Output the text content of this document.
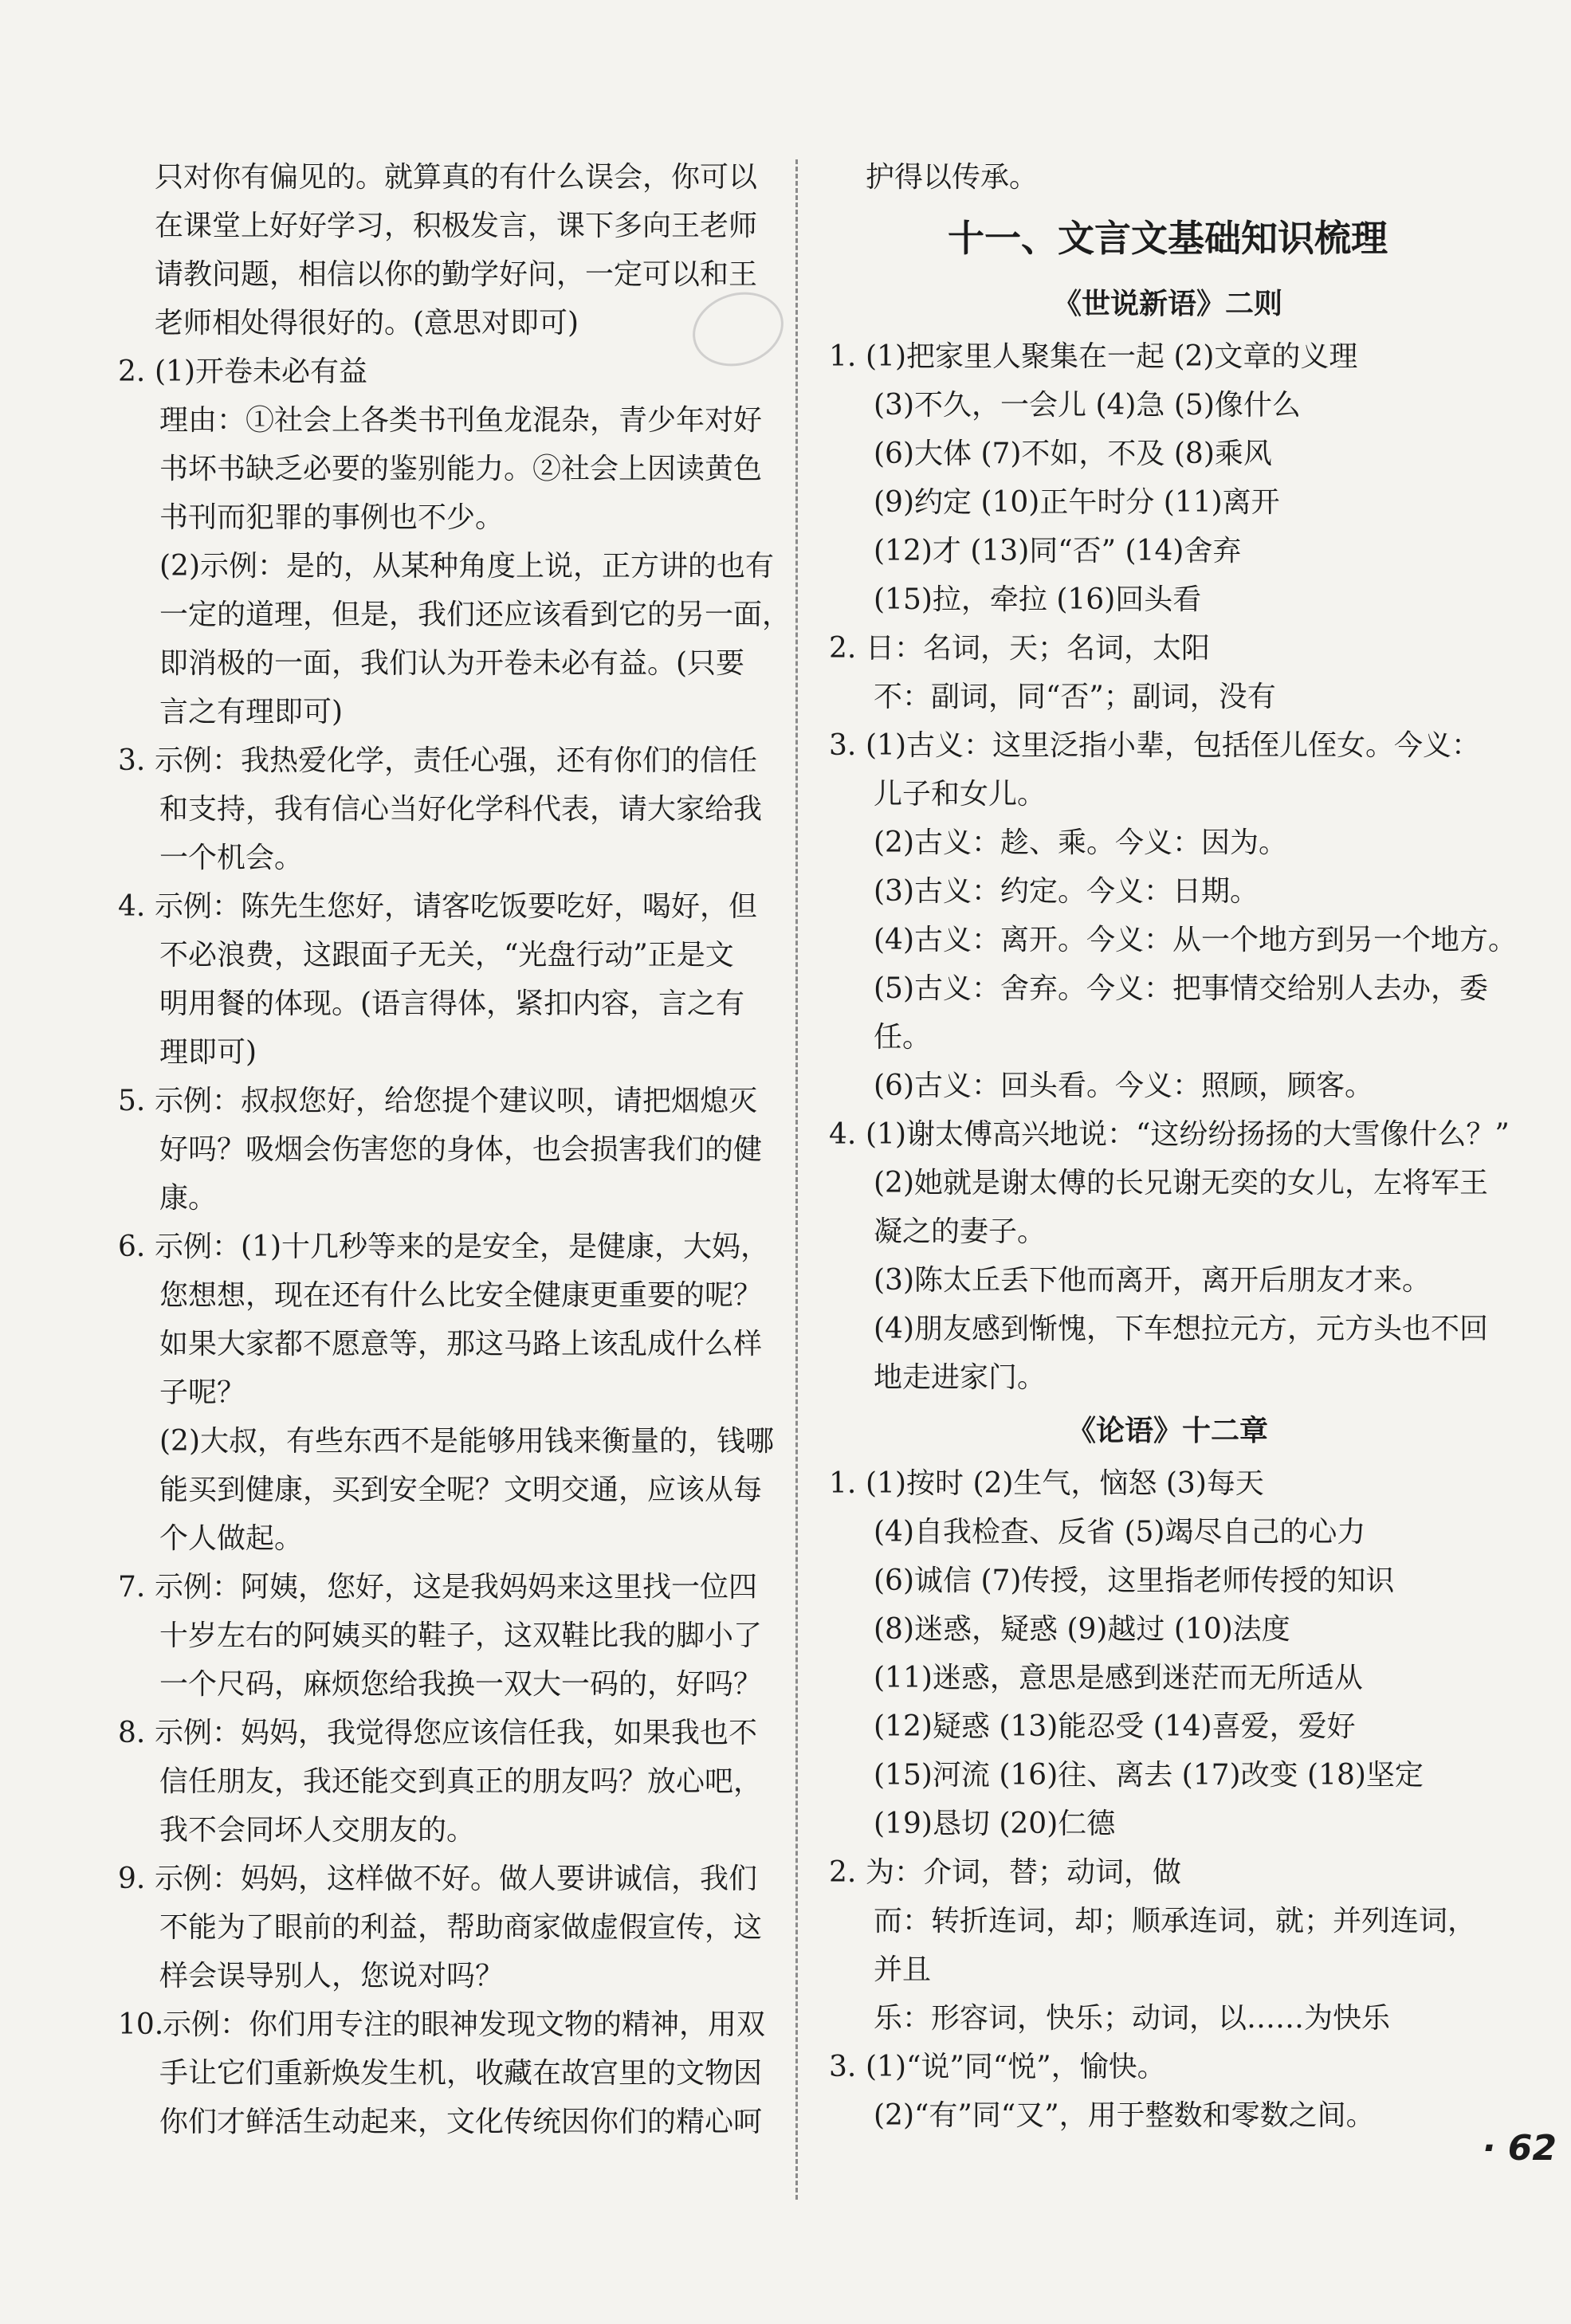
只对你有偏见的。就算真的有什么误会，你可以
在课堂上好好学习，积极发言，课下多向王老师
请教问题，相信以你的勤学好问，一定可以和王
老师相处得很好的。(意思对即可)
2. (1)开卷未必有益
理由：①社会上各类书刊鱼龙混杂，青少年对好
书坏书缺乏必要的鉴别能力。②社会上因读黄色
书刊而犯罪的事例也不少。
(2)示例：是的，从某种角度上说，正方讲的也有
一定的道理，但是，我们还应该看到它的另一面，
即消极的一面，我们认为开卷未必有益。(只要
言之有理即可)
3. 示例：我热爱化学，责任心强，还有你们的信任
和支持，我有信心当好化学科代表，请大家给我
一个机会。
4. 示例：陈先生您好，请客吃饭要吃好，喝好，但
不必浪费，这跟面子无关，“光盘行动”正是文
明用餐的体现。(语言得体，紧扣内容，言之有
理即可)
5. 示例：叔叔您好，给您提个建议呗，请把烟熄灭
好吗？吸烟会伤害您的身体，也会损害我们的健
康。
6. 示例：(1)十几秒等来的是安全，是健康，大妈，
您想想，现在还有什么比安全健康更重要的呢？
如果大家都不愿意等，那这马路上该乱成什么样
子呢？
(2)大叔，有些东西不是能够用钱来衡量的，钱哪
能买到健康，买到安全呢？文明交通，应该从每
个人做起。
7. 示例：阿姨，您好，这是我妈妈来这里找一位四
十岁左右的阿姨买的鞋子，这双鞋比我的脚小了
一个尺码，麻烦您给我换一双大一码的，好吗？
8. 示例：妈妈，我觉得您应该信任我，如果我也不
信任朋友，我还能交到真正的朋友吗？放心吧，
我不会同坏人交朋友的。
9. 示例：妈妈，这样做不好。做人要讲诚信，我们
不能为了眼前的利益，帮助商家做虚假宣传，这
样会误导别人，您说对吗？
10.
示例：你们用专注的眼神发现文物的精神，用双
手让它们重新焕发生机，收藏在故宫里的文物因
你们才鲜活生动起来，文化传统因你们的精心呵
护得以传承。
十一、文言文基础知识梳理
《世说新语》二则
1. (1)把家里人聚集在一起 (2)文章的义理
(3)不久，一会儿 (4)急 (5)像什么
(6)大体 (7)不如，不及 (8)乘风
(9)约定 (10)正午时分 (11)离开
(12)才 (13)同“否” (14)舍弃
(15)拉，牵拉 (16)回头看
2. 日：名词，天；名词，太阳
不：副词，同“否”；副词，没有
3. (1)古义：这里泛指小辈，包括侄儿侄女。今义：
儿子和女儿。
(2)古义：趁、乘。今义：因为。
(3)古义：约定。今义：日期。
(4)古义：离开。今义：从一个地方到另一个地方。
(5)古义：舍弃。今义：把事情交给别人去办，委
任。
(6)古义：回头看。今义：照顾，顾客。
4. (1)谢太傅高兴地说：“这纷纷扬扬的大雪像什么？”
(2)她就是谢太傅的长兄谢无奕的女儿，左将军王
凝之的妻子。
(3)陈太丘丢下他而离开，离开后朋友才来。
(4)朋友感到惭愧，下车想拉元方，元方头也不回
地走进家门。
《论语》十二章
1. (1)按时 (2)生气，恼怒 (3)每天
(4)自我检查、反省 (5)竭尽自己的心力
(6)诚信 (7)传授，这里指老师传授的知识
(8)迷惑，疑惑 (9)越过 (10)法度
(11)迷惑，意思是感到迷茫而无所适从
(12)疑惑 (13)能忍受 (14)喜爱，爱好
(15)河流 (16)往、离去 (17)改变 (18)坚定
(19)恳切 (20)仁德
2. 为：介词，替；动词，做
而：转折连词，却；顺承连词，就；并列连词，
并且
乐：形容词，快乐；动词，以……为快乐
3. (1)“说”同“悦”，愉快。
(2)“有”同“又”，用于整数和零数之间。
· 62
